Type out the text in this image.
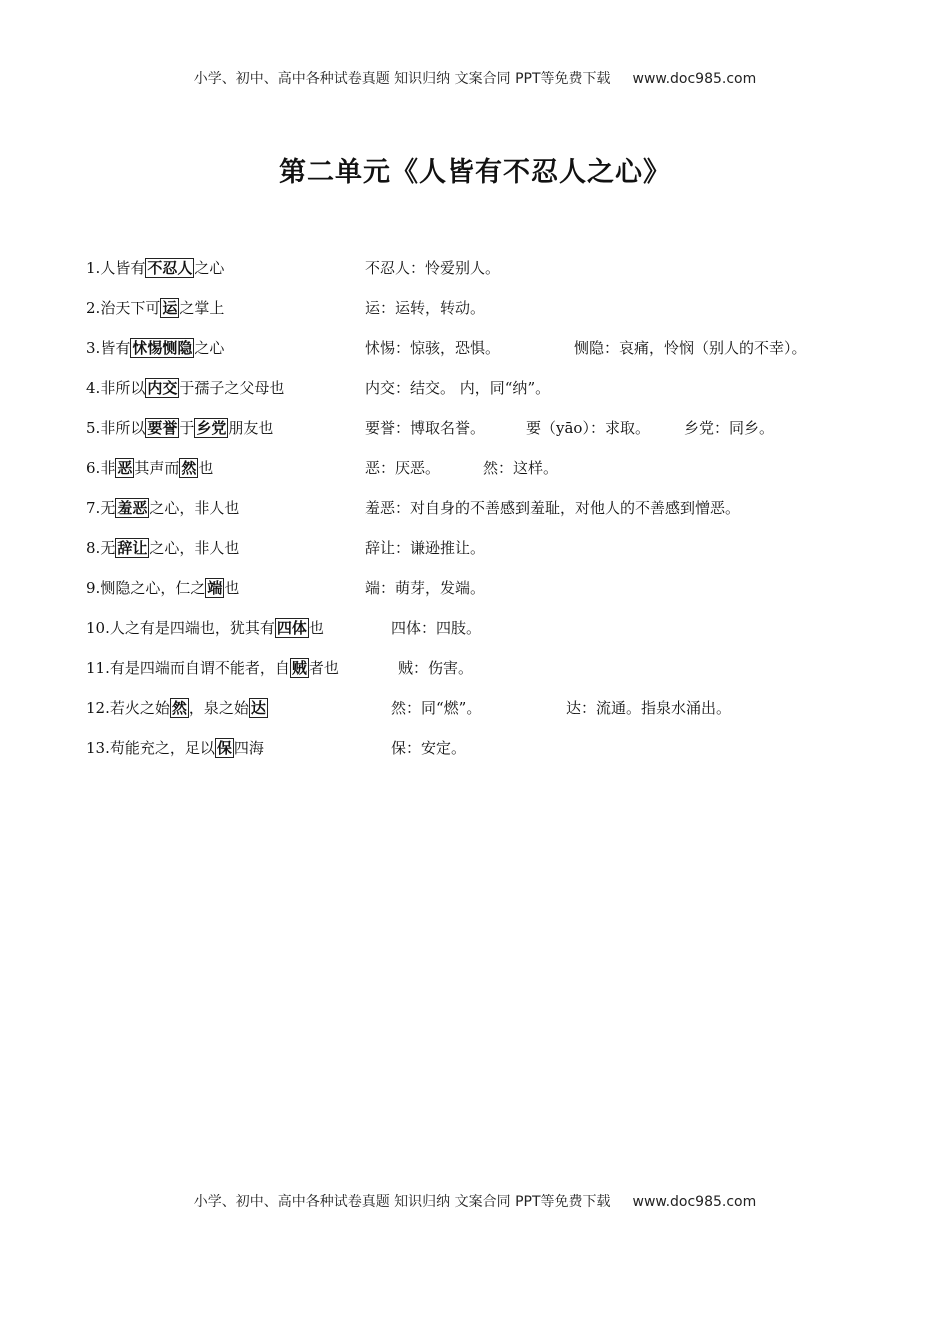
小学、初中、高中各种试卷真题 知识归纳 文案合同 PPT等免费下载 www.doc985.com
第二单元《人皆有不忍人之心》
1.人皆有 不忍人 之心	不忍人：怜爱别人。
2.治天下可 运 之掌上	运：运转，转动。
3.皆有 怵惕恻隐 之心	怵惕：惊骇，恐惧。	恻隐：哀痛，怜悯（别人的不幸）。
4.非所以 内交 于孺子之父母也	内交：结交。 内，同“纳”。
5.非所以 要誉 于 乡党 朋友也	要誉：博取名誉。	要（yāo）：求取。 乡党：同乡。
6.非 恶 其声而 然 也	恶：厌恶。	然：这样。
7.无 羞恶 之心，非人也	羞恶：对自身的不善感到羞耻，对他人的不善感到憎恶。
8.无 辞让 之心，非人也	辞让：谦逊推让。
9.恻隐之心，仁之 端 也	端：萌芽，发端。
10.人之有是四端也，犹其有 四体 也	四体：四肢。
11.有是四端而自谓不能者，自 贼 者也	贼：伤害。
12.若火之始 然 ，泉之始 达	然：同“燃”。	达：流通。指泉水涌出。
13.苟能充之，足以 保 四海	保：安定。
小学、初中、高中各种试卷真题 知识归纳 文案合同 PPT等免费下载 www.doc985.com
